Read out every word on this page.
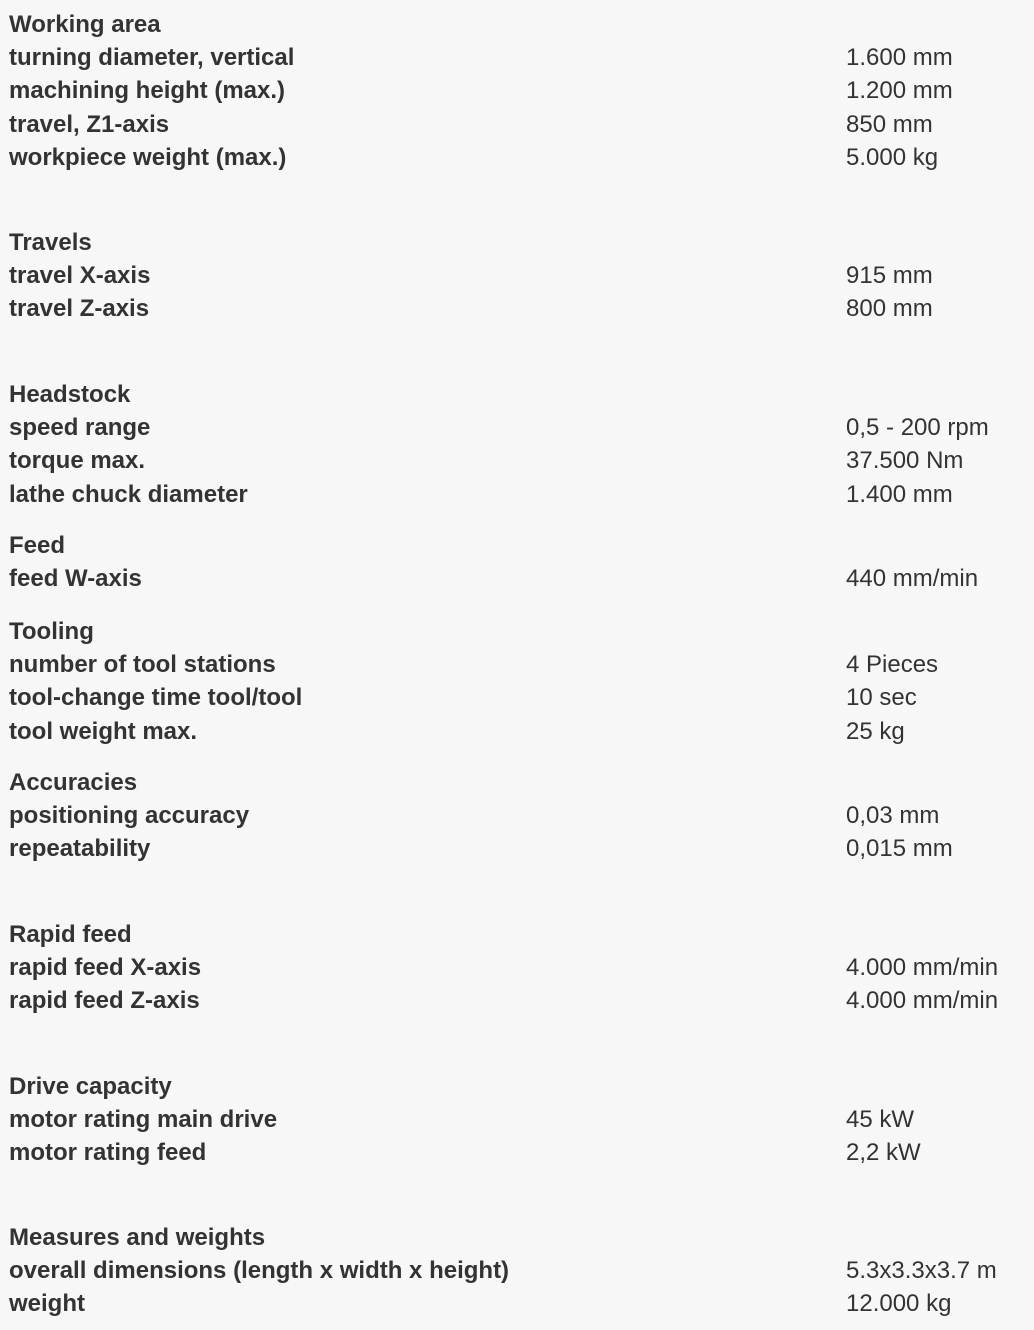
Working area
turning diameter, vertical	1.600 mm
machining height (max.)	1.200 mm
travel, Z1-axis	850 mm
workpiece weight (max.)	5.000 kg
Travels
travel X-axis	915 mm
travel Z-axis	800 mm
Headstock
speed range	0,5 - 200 rpm
torque max.	37.500 Nm
lathe chuck diameter	1.400 mm
Feed
feed W-axis	440 mm/min
Tooling
number of tool stations	4 Pieces
tool-change time tool/tool	10 sec
tool weight max.	25 kg
Accuracies
positioning accuracy	0,03 mm
repeatability	0,015 mm
Rapid feed
rapid feed X-axis	4.000 mm/min
rapid feed Z-axis	4.000 mm/min
Drive capacity
motor rating main drive	45 kW
motor rating feed	2,2 kW
Measures and weights
overall dimensions (length x width x height)	5.3x3.3x3.7 m
weight	12.000 kg
